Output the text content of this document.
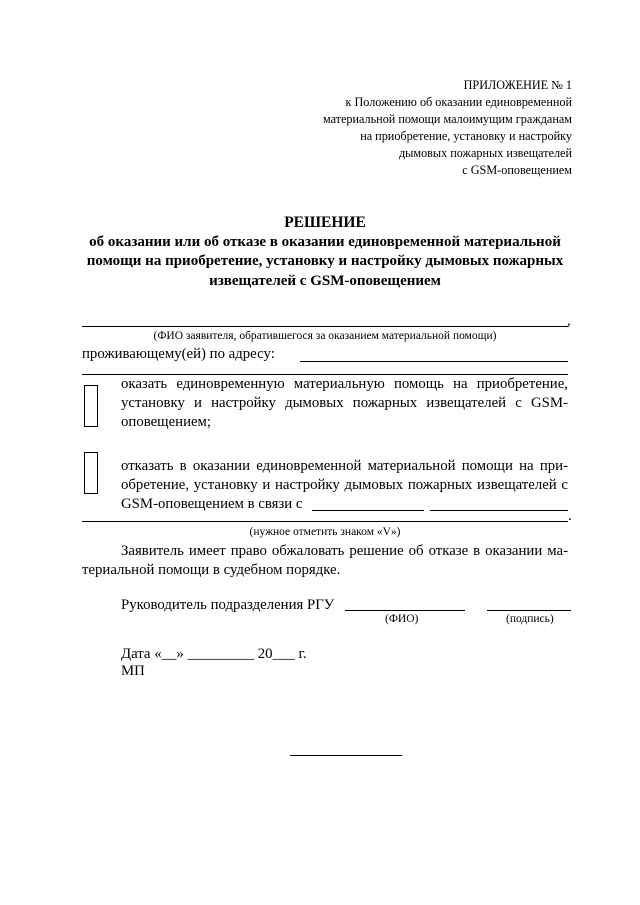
ПРИЛОЖЕНИЕ № 1
к Положению об оказании единовременной
материальной помощи малоимущим гражданам
на приобретение, установку и настройку
дымовых пожарных извещателей
с GSM-оповещением
РЕШЕНИЕ
об оказании или об отказе в оказании единовременной материальной
помощи на приобретение, установку и настройку дымовых пожарных
извещателей с GSM-оповещением
,
(ФИО заявителя, обратившегося за оказанием материальной помощи)
проживающему(ей) по адресу:
оказать единовременную материальную помощь на приобретение,
установку и настройку дымовых пожарных извещателей с GSM-
оповещением;
отказать в оказании единовременной материальной помощи на при-
обретение, установку и настройку дымовых пожарных извещателей с
GSM-оповещением в связи с
.
(нужное отметить знаком «V»)
Заявитель имеет право обжаловать решение об отказе в оказании ма-
териальной помощи в судебном порядке.
Руководитель подразделения РГУ
(ФИО)	(подпись)
Дата «__» _________ 20___ г.
МП
